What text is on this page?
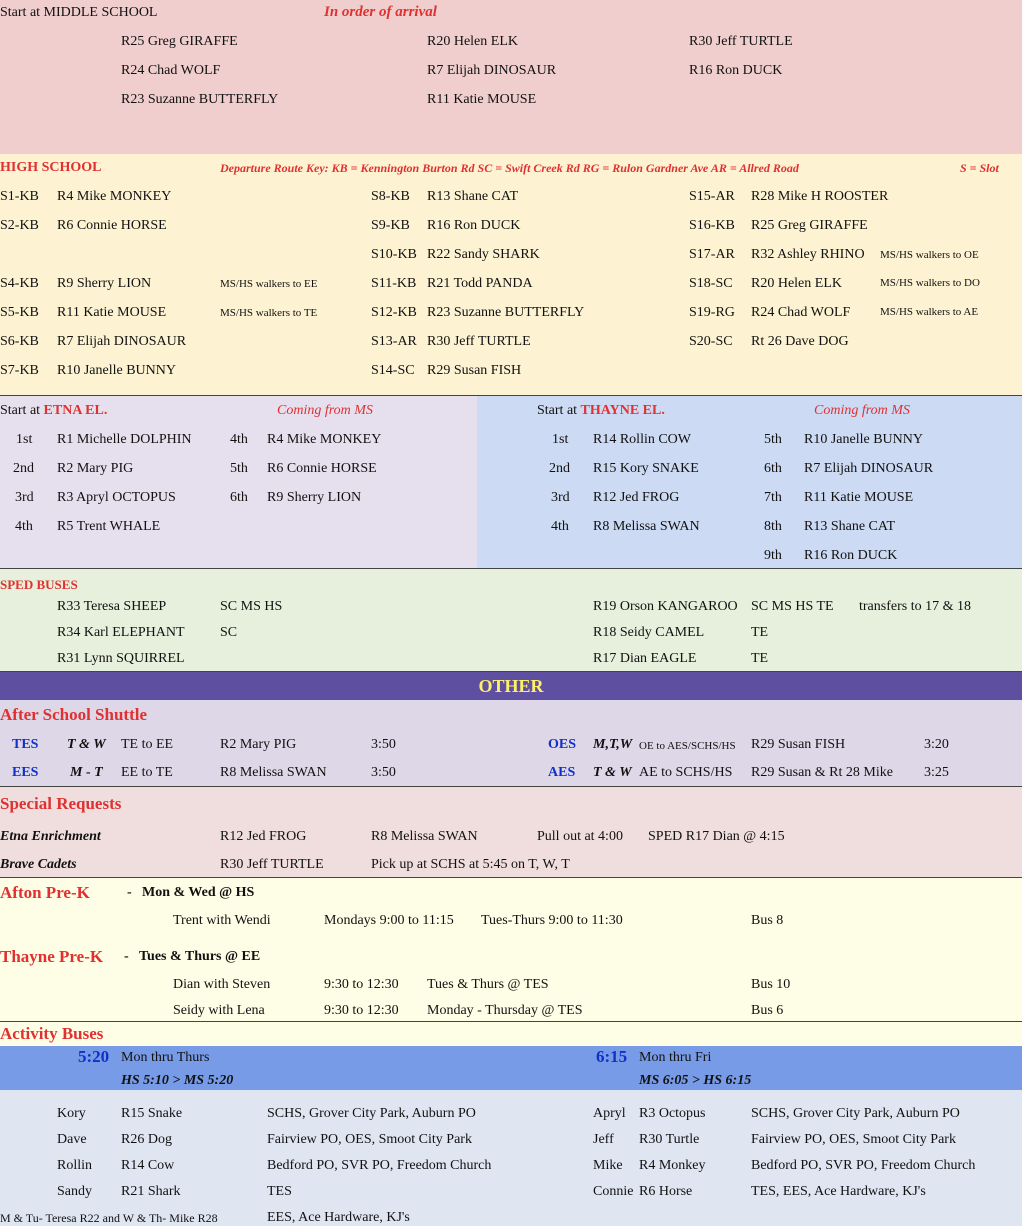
Start at MIDDLE SCHOOL	In order of arrival
R25 Greg GIRAFFE
R24 Chad WOLF
R23 Suzanne BUTTERFLY
R20 Helen ELK
R7 Elijah DINOSAUR
R11 Katie MOUSE
R30 Jeff TURTLE
R16 Ron DUCK
HIGH SCHOOL	Departure Route Key: KB = Kennington Burton Rd SC = Swift Creek Rd RG = Rulon Gardner Ave AR = Allred Road	S = Slot
S1-KB R4 Mike MONKEY
S2-KB R6 Connie HORSE
S4-KB R9 Sherry LION	MS/HS walkers to EE
S5-KB R11 Katie MOUSE	MS/HS walkers to TE
S6-KB R7 Elijah DINOSAUR
S7-KB R10 Janelle BUNNY
S8-KB R13 Shane CAT
S9-KB R16 Ron DUCK
S10-KB R22 Sandy SHARK
S11-KB R21 Todd PANDA
S12-KB R23 Suzanne BUTTERFLY
S13-AR R30 Jeff TURTLE
S14-SC R29 Susan FISH
S15-AR R28 Mike H ROOSTER
S16-KB R25 Greg GIRAFFE
S17-AR R32 Ashley RHINO MS/HS walkers to OE
S18-SC R20 Helen ELK	MS/HS walkers to DO
S19-RG R24 Chad WOLF	MS/HS walkers to AE
S20-SC Rt 26 Dave DOG
Start at ETNA EL.	Coming from MS
1st R1 Michelle DOLPHIN
2nd R2 Mary PIG
3rd R3 Apryl OCTOPUS
4th R5 Trent WHALE
4th R4 Mike MONKEY
5th R6 Connie HORSE
6th R9 Sherry LION
Start at THAYNE EL.	Coming from MS
1st R14 Rollin COW
2nd R15 Kory SNAKE
3rd R12 Jed FROG
4th R8 Melissa SWAN
5th R10 Janelle BUNNY
6th R7 Elijah DINOSAUR
7th R11 Katie MOUSE
8th R13 Shane CAT
9th R16 Ron DUCK
SPED BUSES
R33 Teresa SHEEP	SC MS HS
R34 Karl ELEPHANT	SC
R31 Lynn SQUIRREL
R19 Orson KANGAROO SC MS HS TE transfers to 17 & 18
R18 Seidy CAMEL	TE
R17 Dian EAGLE	TE
OTHER
After School Shuttle
TES T & W TE to EE	R2 Mary PIG	3:50	OES M,T,W OE to AES/SCHS/HS R29 Susan FISH	3:20
EES M - T EE to TE	R8 Melissa SWAN	3:50	AES T & W AE to SCHS/HS R29 Susan & Rt 28 Mike 3:25
Special Requests
Etna Enrichment	R12 Jed FROG	R8 Melissa SWAN	Pull out at 4:00 SPED R17 Dian @ 4:15
Brave Cadets	R30 Jeff TURTLE	Pick up at SCHS at 5:45 on T, W, T
Afton Pre-K	- Mon & Wed @ HS
Trent with Wendi	Mondays 9:00 to 11:15 Tues-Thurs 9:00 to 11:30	Bus 8
Thayne Pre-K - Tues & Thurs @ EE
Dian with Steven	9:30 to 12:30 Tues & Thurs @ TES	Bus 10
Seidy with Lena	9:30 to 12:30 Monday - Thursday @ TES	Bus 6
Activity Buses
5:20 Mon thru Thurs
HS 5:10 > MS 5:20
6:15 Mon thru Fri
MS 6:05 > HS 6:15
Kory	R15 Snake	SCHS, Grover City Park, Auburn PO
Dave R26 Dog	Fairview PO, OES, Smoot City Park
Rollin R14 Cow	Bedford PO, SVR PO, Freedom Church
Sandy R21 Shark	TES
M & Tu- Teresa R22 and W & Th- Mike R28	EES, Ace Hardware, KJ's
Apryl R3 Octopus	SCHS, Grover City Park, Auburn PO
Jeff R30 Turtle	Fairview PO, OES, Smoot City Park
Mike R4 Monkey	Bedford PO, SVR PO, Freedom Church
Connie R6 Horse	TES, EES, Ace Hardware, KJ's
